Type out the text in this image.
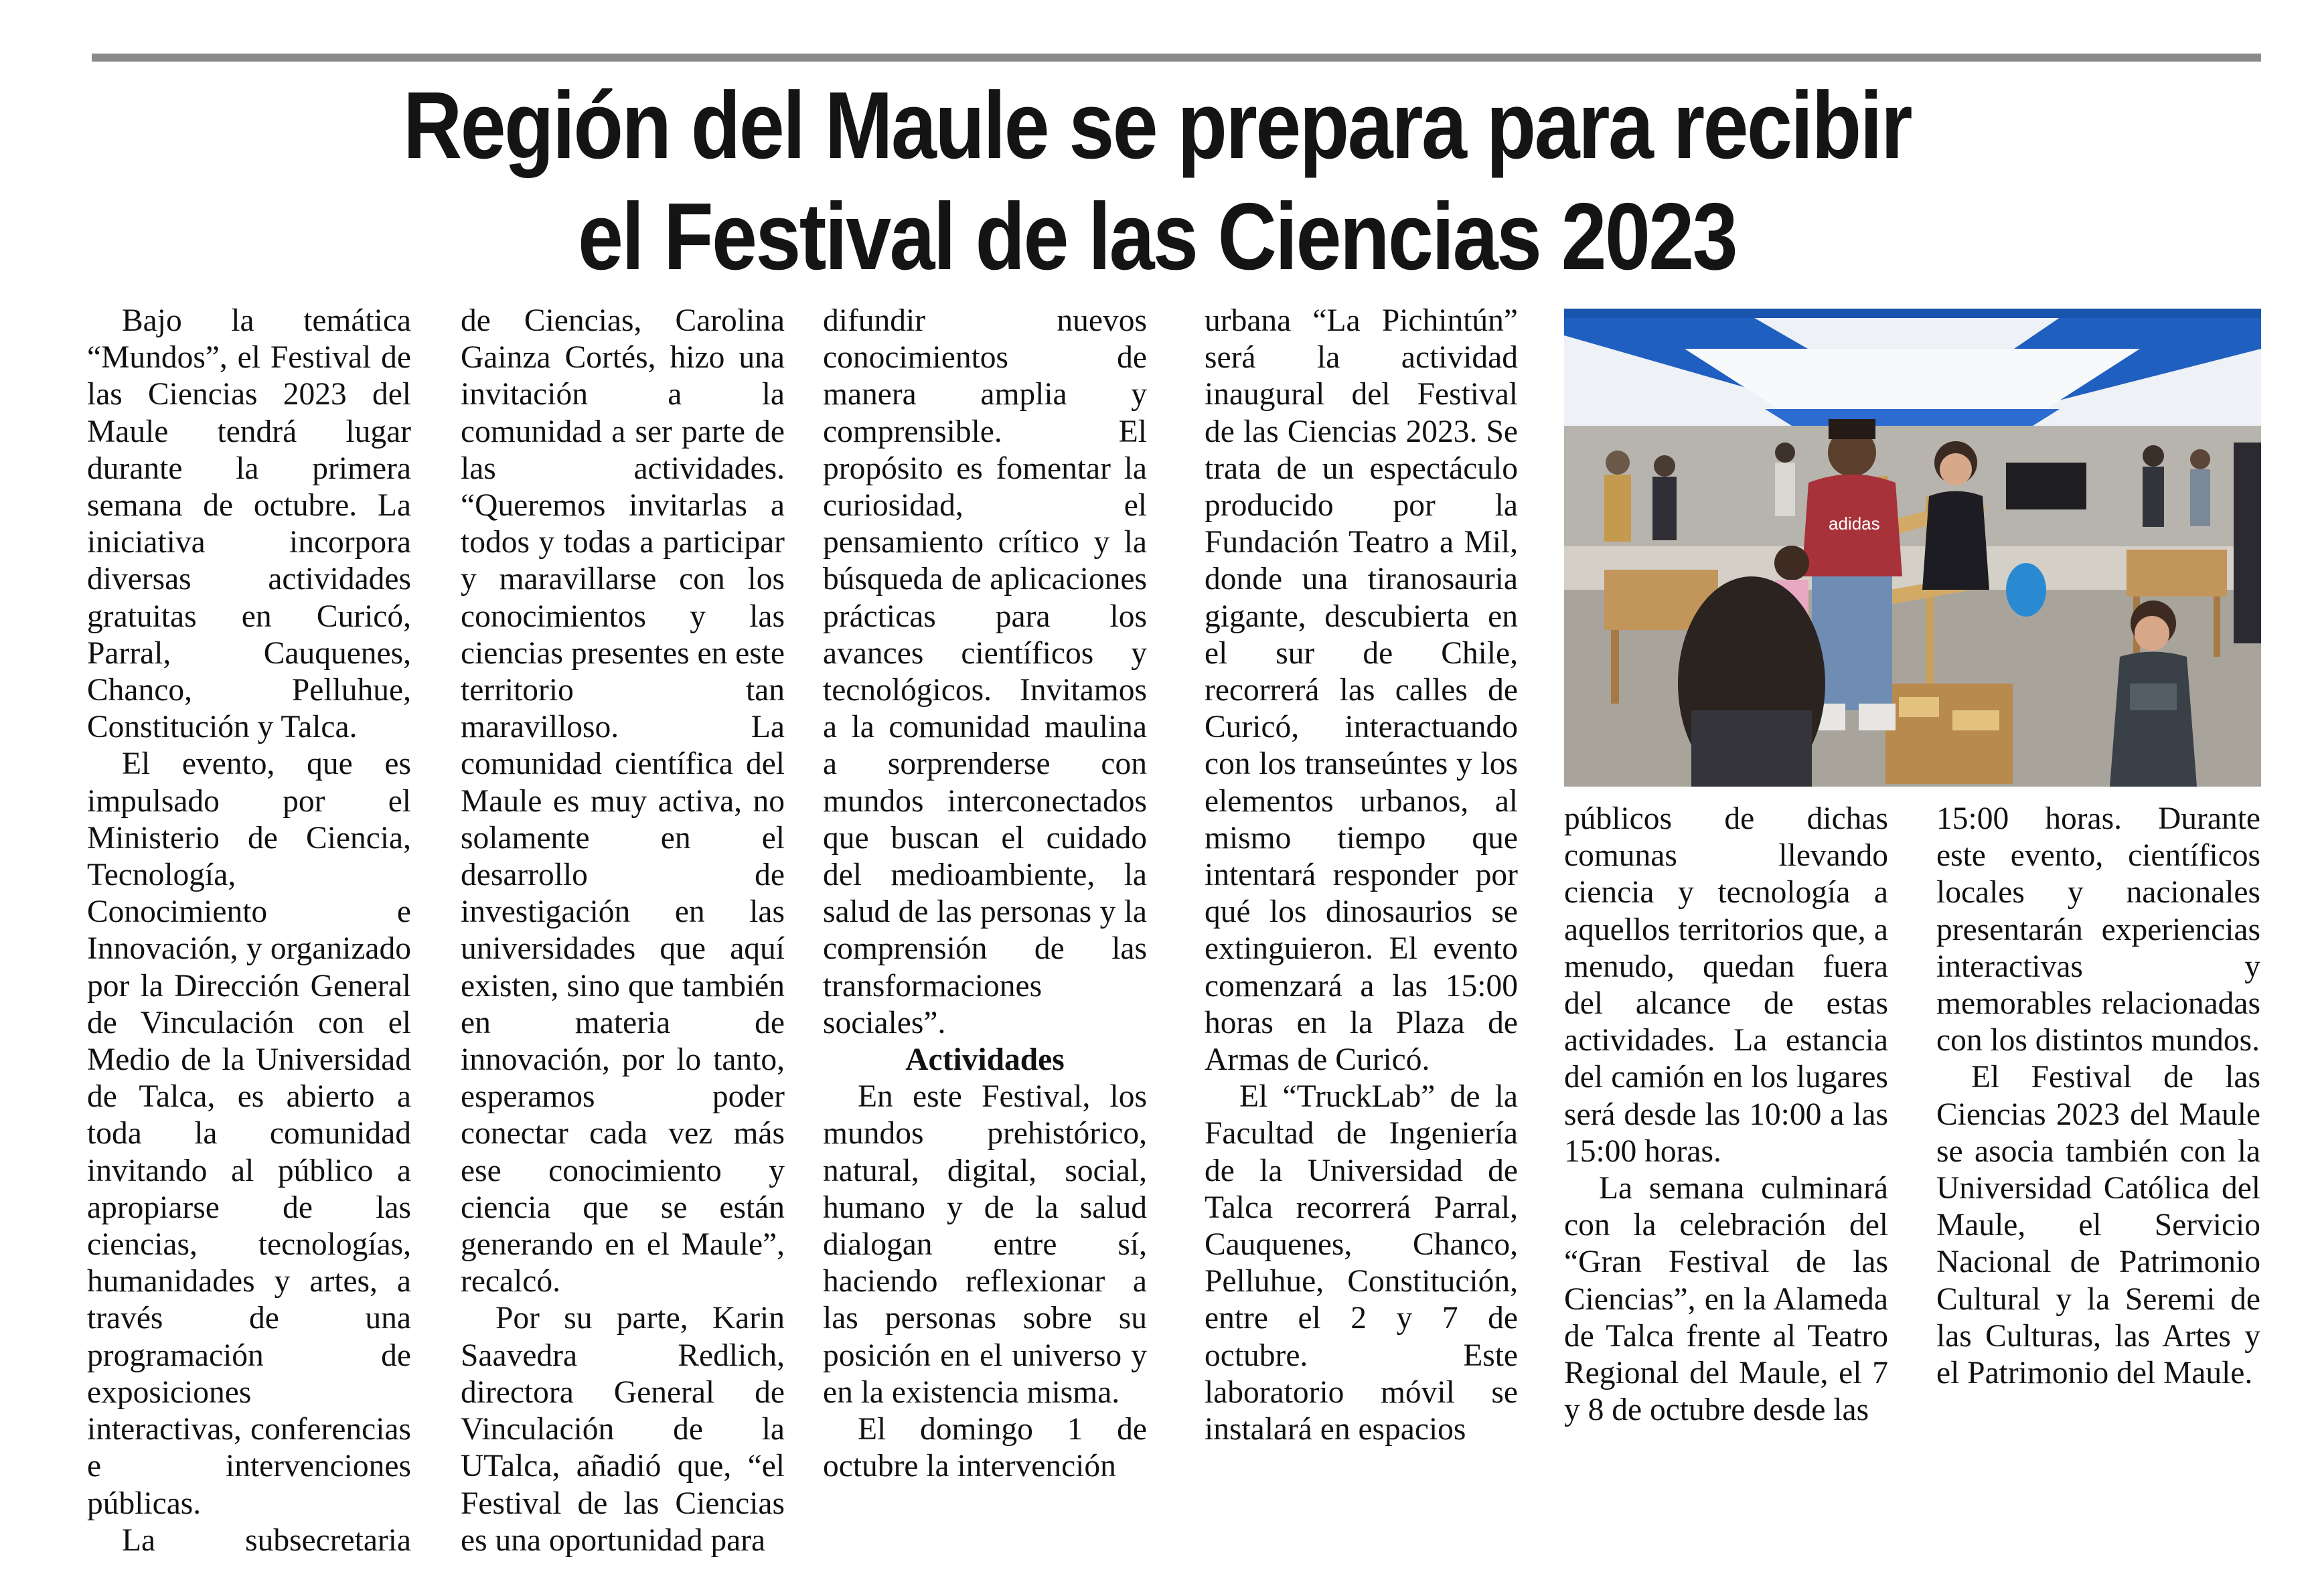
Región del Maule se prepara para recibir
el Festival de las Ciencias 2023

Bajo la temática “Mundos”, el Festival de las Ciencias 2023 del Maule tendrá lugar durante la primera semana de octubre. La iniciativa incorpora diversas actividades gratuitas en Curicó, Parral, Cauquenes, Chanco, Pelluhue, Constitución y Talca.

El evento, que es impulsado por el Ministerio de Ciencia, Tecnología, Conocimiento e Innovación, y organizado por la Dirección General de Vinculación con el Medio de la Universidad de Talca, es abierto a toda la comunidad invitando al público a apropiarse de las ciencias, tecnologías, humanidades y artes, a través de una programación de exposiciones interactivas, conferencias e intervenciones públicas.

La subsecretaria

de Ciencias, Carolina Gainza Cortés, hizo una invitación a la comunidad a ser parte de las actividades. “Queremos invitarlas a todos y todas a participar y maravillarse con los conocimientos y las ciencias presentes en este territorio tan maravilloso. La comunidad científica del Maule es muy activa, no solamente en el desarrollo de investigación en las universidades que aquí existen, sino que también en materia de innovación, por lo tanto, esperamos poder conectar cada vez más ese conocimiento y ciencia que se están generando en el Maule”, recalcó.

Por su parte, Karin Saavedra Redlich, directora General de Vinculación de la UTalca, añadió que, “el Festival de las Ciencias es una oportunidad para

difundir nuevos conocimientos de manera amplia y comprensible. El propósito es fomentar la curiosidad, el pensamiento crítico y la búsqueda de aplicaciones prácticas para los avances científicos y tecnológicos. Invitamos a la comunidad maulina a sorprenderse con mundos interconectados que buscan el cuidado del medioambiente, la salud de las personas y la comprensión de las transformaciones sociales”.

Actividades

En este Festival, los mundos prehistórico, natural, digital, social, humano y de la salud dialogan entre sí, haciendo reflexionar a las personas sobre su posición en el universo y en la existencia misma.

El domingo 1 de octubre la intervención

urbana “La Pichintún” será la actividad inaugural del Festival de las Ciencias 2023. Se trata de un espectáculo producido por la Fundación Teatro a Mil, donde una tiranosauria gigante, descubierta en el sur de Chile, recorrerá las calles de Curicó, interactuando con los transeúntes y los elementos urbanos, al mismo tiempo que intentará responder por qué los dinosaurios se extinguieron. El evento comenzará a las 15:00 horas en la Plaza de Armas de Curicó.

El “TruckLab” de la Facultad de Ingeniería de la Universidad de Talca recorrerá Parral, Cauquenes, Chanco, Pelluhue, Constitución, entre el 2 y 7 de octubre. Este laboratorio móvil se instalará en espacios

adidas

públicos de dichas comunas llevando ciencia y tecnología a aquellos territorios que, a menudo, quedan fuera del alcance de estas actividades. La estancia del camión en los lugares será desde las 10:00 a las 15:00 horas.

La semana culminará con la celebración del “Gran Festival de las Ciencias”, en la Alameda de Talca frente al Teatro Regional del Maule, el 7 y 8 de octubre desde las

15:00 horas. Durante este evento, científicos locales y nacionales presentarán experiencias interactivas y memorables relacionadas con los distintos mundos.

El Festival de las Ciencias 2023 del Maule se asocia también con la Universidad Católica del Maule, el Servicio Nacional de Patrimonio Cultural y la Seremi de las Culturas, las Artes y el Patrimonio del Maule.
